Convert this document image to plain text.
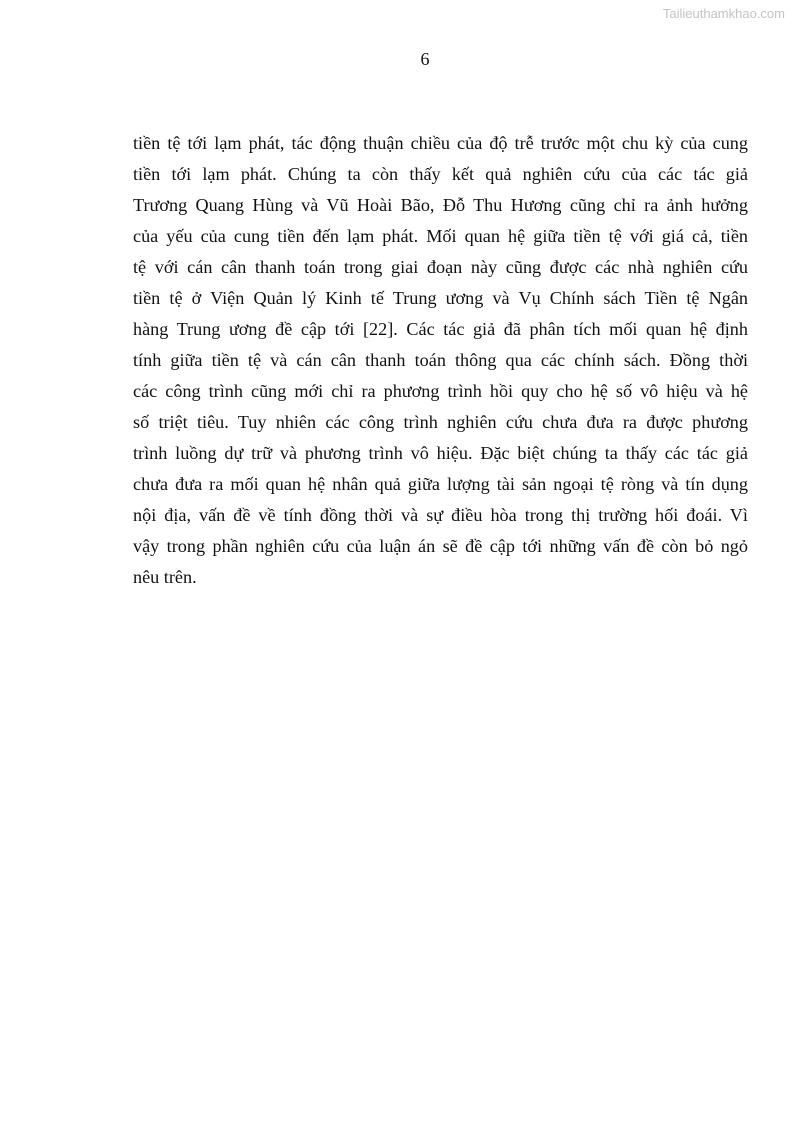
Tailieuthamkhao.com
6
tiền tệ tới lạm phát, tác động thuận chiều của độ trễ trước một chu kỳ của cung
tiền tới lạm phát. Chúng ta còn thấy kết quả nghiên cứu của các tác giả
Trương Quang Hùng và Vũ Hoài Bão, Đỗ Thu Hương cũng chỉ ra ảnh hưởng
của yếu của cung tiền đến lạm phát. Mối quan hệ giữa tiền tệ với giá cả, tiền
tệ với cán cân thanh toán trong giai đoạn này cũng được các nhà nghiên cứu
tiền tệ ở Viện Quản lý Kinh tế Trung ương và Vụ Chính sách Tiền tệ Ngân
hàng Trung ương đề cập tới [22]. Các tác giả đã phân tích mối quan hệ định
tính giữa tiền tệ và cán cân thanh toán thông qua các chính sách. Đồng thời
các công trình cũng mới chỉ ra phương trình hồi quy cho hệ số vô hiệu và hệ
số triệt tiêu. Tuy nhiên các công trình nghiên cứu chưa đưa ra được phương
trình luồng dự trữ và phương trình vô hiệu. Đặc biệt chúng ta thấy các tác giả
chưa đưa ra mối quan hệ nhân quả giữa lượng tài sản ngoại tệ ròng và tín dụng
nội địa, vấn đề về tính đồng thời và sự điều hòa trong thị trường hối đoái. Vì
vậy trong phần nghiên cứu của luận án sẽ đề cập tới những vấn đề còn bỏ ngỏ
nêu trên.
